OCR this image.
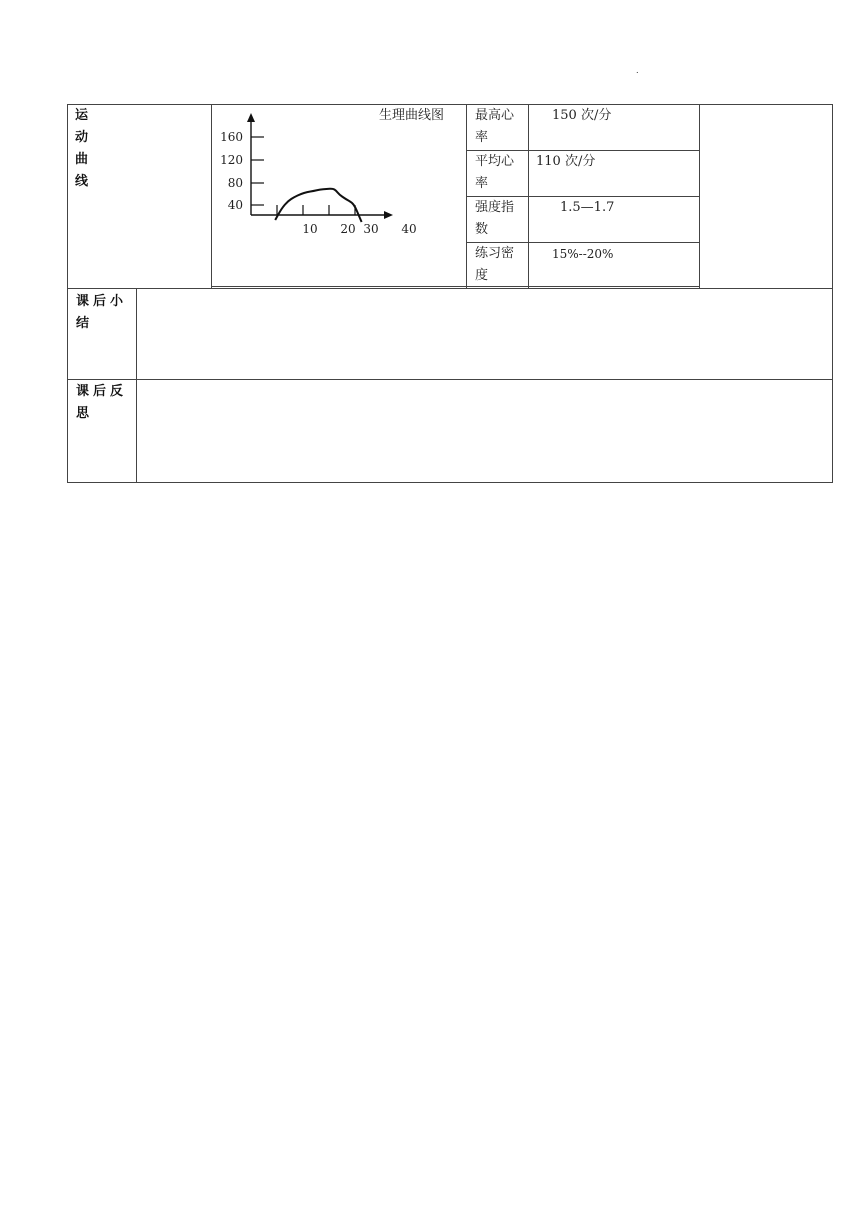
.
运动曲线
课后小结
课后反思
生理曲线图 最高心率
150 次/分
平均心率
110 次/分
强度指数
1.5—1.7
练习密度
15%--20%
40
80
120
160
10 20 30 40
